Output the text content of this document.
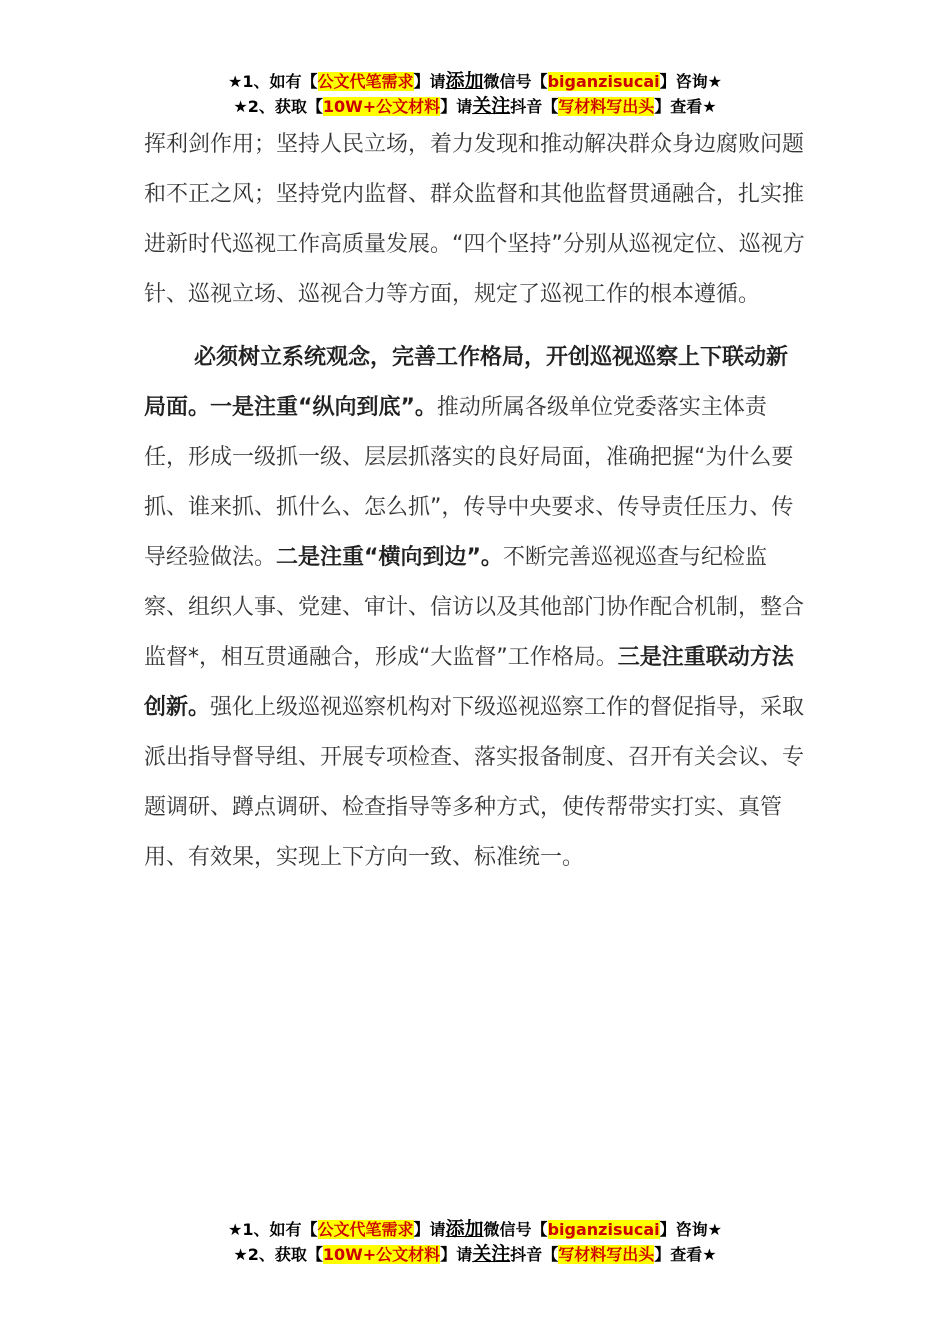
★1、如有【公文代笔需求】请添加微信号【biganzisucai】咨询★
★2、获取【10W+公文材料】请关注抖音【写材料写出头】查看★

挥利剑作用；坚持人民立场，着力发现和推动解决群众身边腐败问题和不正之风；坚持党内监督、群众监督和其他监督贯通融合，扎实推进新时代巡视工作高质量发展。“四个坚持”分别从巡视定位、巡视方针、巡视立场、巡视合力等方面，规定了巡视工作的根本遵循。

必须树立系统观念，完善工作格局，开创巡视巡察上下联动新局面。一是注重“纵向到底”。推动所属各级单位党委落实主体责任，形成一级抓一级、层层抓落实的良好局面，准确把握“为什么要抓、谁来抓、抓什么、怎么抓”，传导中央要求、传导责任压力、传导经验做法。二是注重“横向到边”。不断完善巡视巡查与纪检监察、组织人事、党建、审计、信访以及其他部门协作配合机制，整合监督*，相互贯通融合，形成“大监督”工作格局。三是注重联动方法创新。强化上级巡视巡察机构对下级巡视巡察工作的督促指导，采取派出指导督导组、开展专项检查、落实报备制度、召开有关会议、专题调研、蹲点调研、检查指导等多种方式，使传帮带实打实、真管用、有效果，实现上下方向一致、标准统一。

★1、如有【公文代笔需求】请添加微信号【biganzisucai】咨询★
★2、获取【10W+公文材料】请关注抖音【写材料写出头】查看★
